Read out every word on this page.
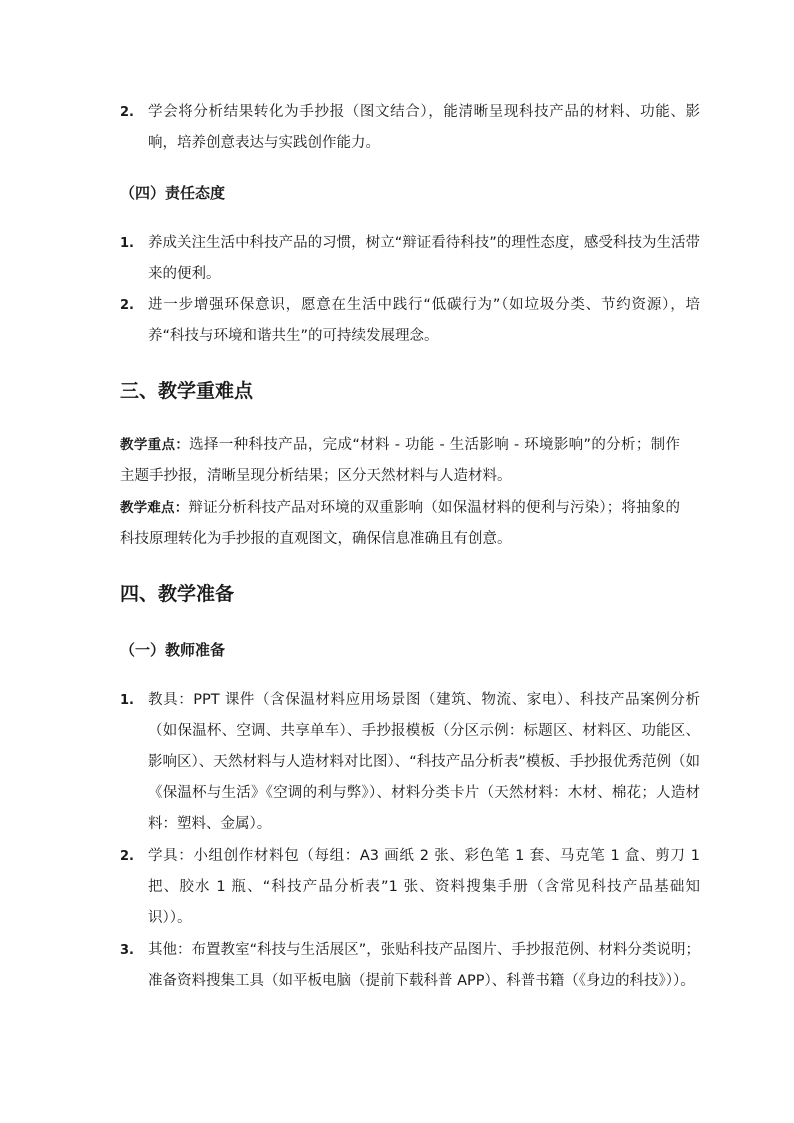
2. 学会将分析结果转化为手抄报（图文结合），能清晰呈现科技产品的材料、功能、影响，培养创意表达与实践创作能力。
（四）责任态度
1. 养成关注生活中科技产品的习惯，树立“辩证看待科技”的理性态度，感受科技为生活带来的便利。
2. 进一步增强环保意识，愿意在生活中践行“低碳行为”（如垃圾分类、节约资源），培养“科技与环境和谐共生”的可持续发展理念。
三、教学重难点
教学重点：选择一种科技产品，完成“材料 - 功能 - 生活影响 - 环境影响”的分析；制作主题手抄报，清晰呈现分析结果；区分天然材料与人造材料。
教学难点：辩证分析科技产品对环境的双重影响（如保温材料的便利与污染）；将抽象的科技原理转化为手抄报的直观图文，确保信息准确且有创意。
四、教学准备
（一）教师准备
1. 教具：PPT 课件（含保温材料应用场景图（建筑、物流、家电）、科技产品案例分析（如保温杯、空调、共享单车）、手抄报模板（分区示例：标题区、材料区、功能区、影响区）、天然材料与人造材料对比图）、“科技产品分析表”模板、手抄报优秀范例（如《保温杯与生活》《空调的利与弊》）、材料分类卡片（天然材料：木材、棉花；人造材料：塑料、金属）。
2. 学具：小组创作材料包（每组：A3 画纸 2 张、彩色笔 1 套、马克笔 1 盒、剪刀 1 把、胶水 1 瓶、“科技产品分析表”1 张、资料搜集手册（含常见科技产品基础知识））。
3. 其他：布置教室“科技与生活展区”，张贴科技产品图片、手抄报范例、材料分类说明；准备资料搜集工具（如平板电脑（提前下载科普 APP）、科普书籍（《身边的科技》））。
